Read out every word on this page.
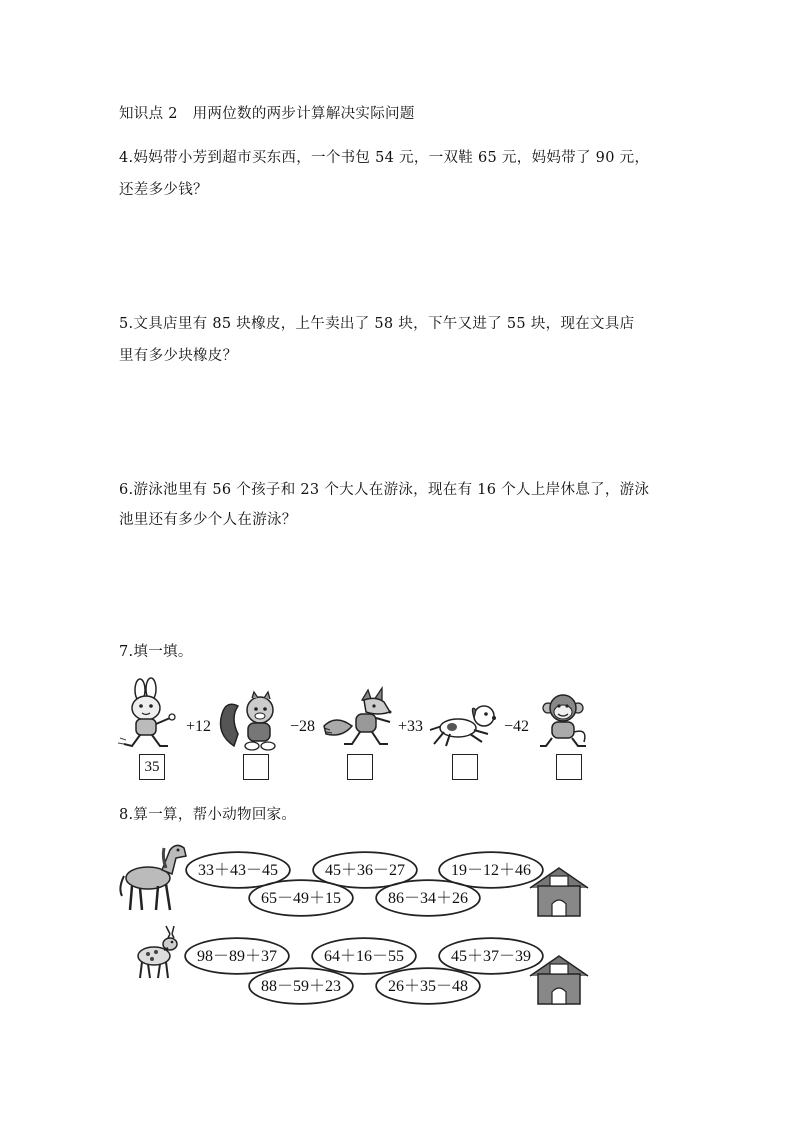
知识点 2　用两位数的两步计算解决实际问题
4.妈妈带小芳到超市买东西，一个书包 54 元，一双鞋 65 元，妈妈带了 90 元，
还差多少钱？
5.文具店里有 85 块橡皮，上午卖出了 58 块，下午又进了 55 块，现在文具店
里有多少块橡皮？
6.游泳池里有 56 个孩子和 23 个大人在游泳，现在有 16 个人上岸休息了，游泳
池里还有多少个人在游泳？
7.填一填。
+12
35
−28	+33	−42
8.算一算，帮小动物回家。
33＋43－45	45＋36－27	19－12＋46
65－49＋15	86－34＋26
98－89＋37	64＋16－55	45＋37－39
88－59＋23	26＋35－48
